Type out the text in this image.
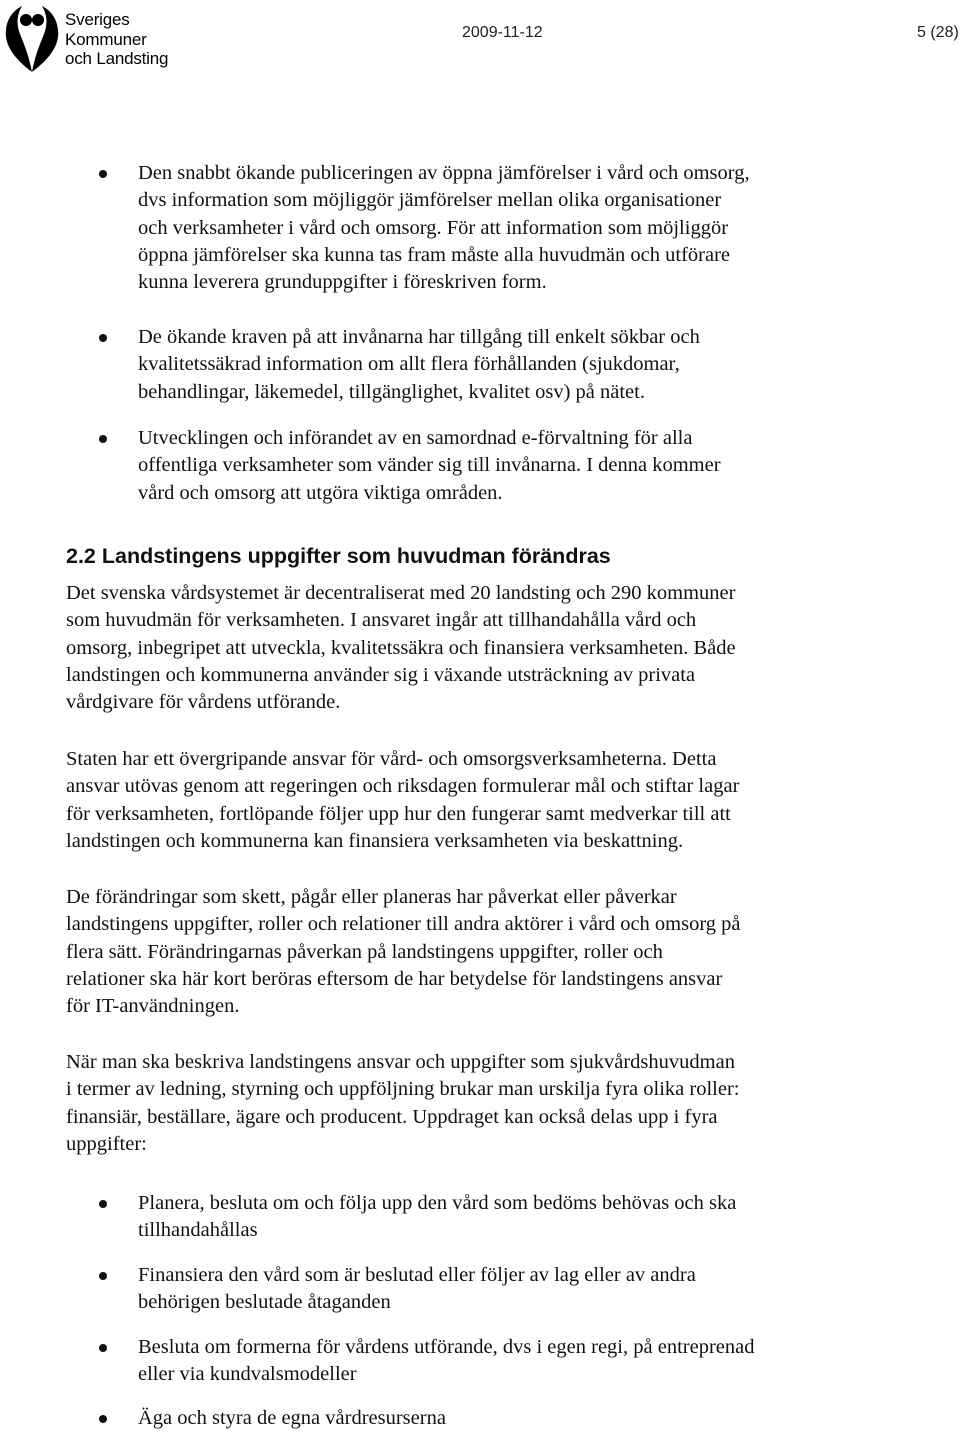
Sveriges
Kommuner
och Landsting
2009-11-12	5 (28)
Den snabbt ökande publiceringen av öppna jämförelser i vård och omsorg,
dvs information som möjliggör jämförelser mellan olika organisationer
och verksamheter i vård och omsorg. För att information som möjliggör
öppna jämförelser ska kunna tas fram måste alla huvudmän och utförare
kunna leverera grunduppgifter i föreskriven form.
De ökande kraven på att invånarna har tillgång till enkelt sökbar och
kvalitetssäkrad information om allt flera förhållanden (sjukdomar,
behandlingar, läkemedel, tillgänglighet, kvalitet osv) på nätet.
Utvecklingen och införandet av en samordnad e-förvaltning för alla
offentliga verksamheter som vänder sig till invånarna. I denna kommer
vård och omsorg att utgöra viktiga områden.
2.2 Landstingens uppgifter som huvudman förändras
Det svenska vårdsystemet är decentraliserat med 20 landsting och 290 kommuner
som huvudmän för verksamheten. I ansvaret ingår att tillhandahålla vård och
omsorg, inbegripet att utveckla, kvalitetssäkra och finansiera verksamheten. Både
landstingen och kommunerna använder sig i växande utsträckning av privata
vårdgivare för vårdens utförande.
Staten har ett övergripande ansvar för vård- och omsorgsverksamheterna. Detta
ansvar utövas genom att regeringen och riksdagen formulerar mål och stiftar lagar
för verksamheten, fortlöpande följer upp hur den fungerar samt medverkar till att
landstingen och kommunerna kan finansiera verksamheten via beskattning.
De förändringar som skett, pågår eller planeras har påverkat eller påverkar
landstingens uppgifter, roller och relationer till andra aktörer i vård och omsorg på
flera sätt. Förändringarnas påverkan på landstingens uppgifter, roller och
relationer ska här kort beröras eftersom de har betydelse för landstingens ansvar
för IT-användningen.
När man ska beskriva landstingens ansvar och uppgifter som sjukvårdshuvudman
i termer av ledning, styrning och uppföljning brukar man urskilja fyra olika roller:
finansiär, beställare, ägare och producent. Uppdraget kan också delas upp i fyra
uppgifter:
Planera, besluta om och följa upp den vård som bedöms behövas och ska
tillhandahållas
Finansiera den vård som är beslutad eller följer av lag eller av andra
behörigen beslutade åtaganden
Besluta om formerna för vårdens utförande, dvs i egen regi, på entreprenad
eller via kundvalsmodeller
Äga och styra de egna vårdresurserna
